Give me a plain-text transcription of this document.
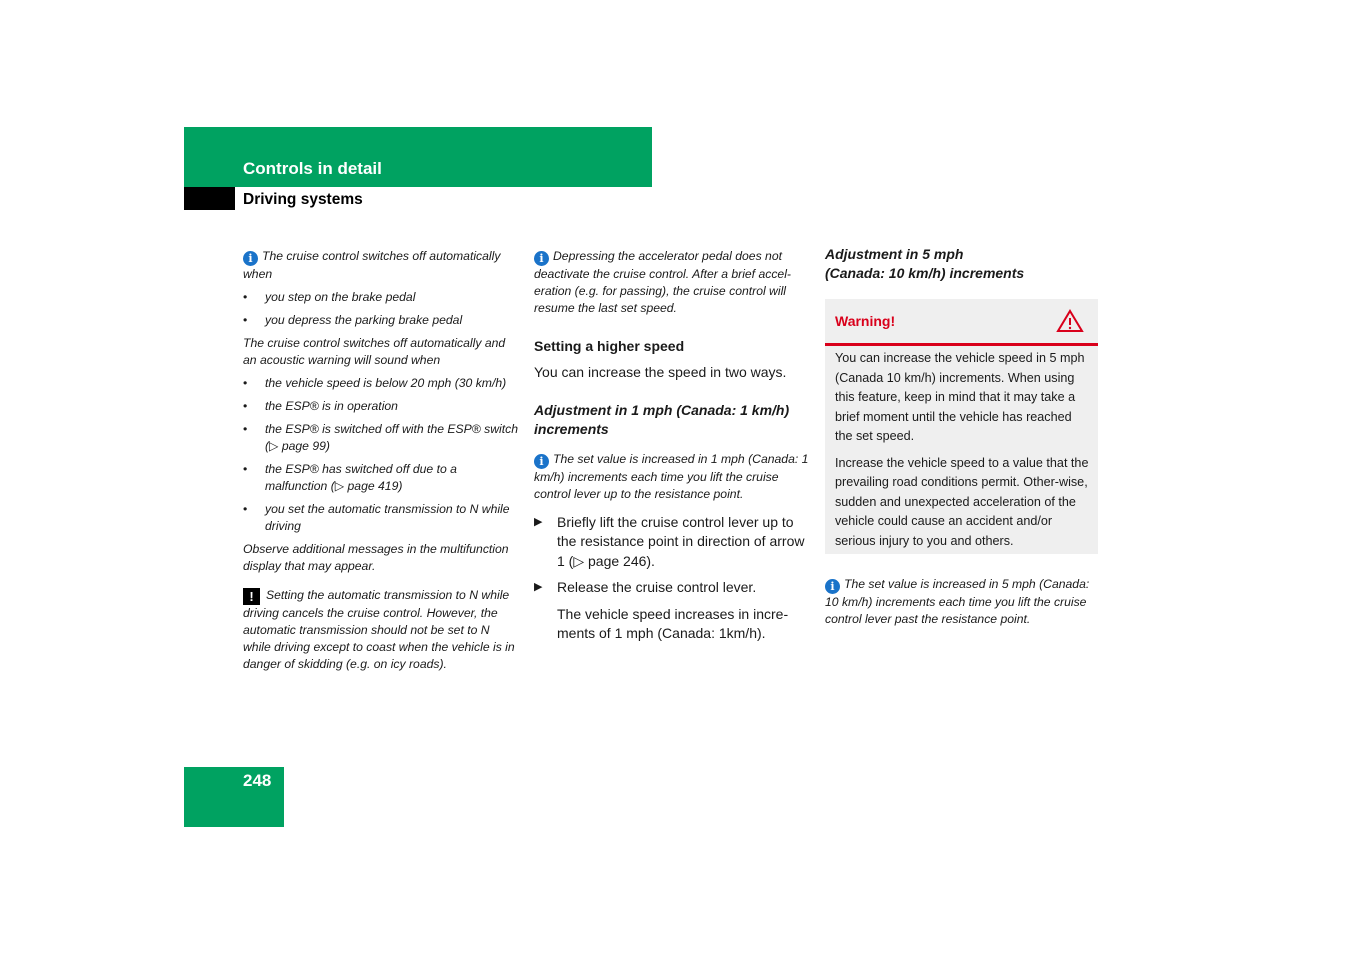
Controls in detail
Driving systems

i The cruise control switches off automatically when

• you step on the brake pedal
• you depress the parking brake pedal

The cruise control switches off automatically and an acoustic warning will sound when

• the vehicle speed is below 20 mph (30 km/h)
• the ESP® is in operation
• the ESP® is switched off with the ESP® switch (▷ page 99)
• the ESP® has switched off due to a malfunction (▷ page 419)
• you set the automatic transmission to N while driving

Observe additional messages in the multifunction display that may appear.

! Setting the automatic transmission to N while driving cancels the cruise control. However, the automatic transmission should not be set to N while driving except to coast when the vehicle is in danger of skidding (e.g. on icy roads).

i Depressing the accelerator pedal does not deactivate the cruise control. After a brief accel-eration (e.g. for passing), the cruise control will resume the last set speed.

Setting a higher speed

You can increase the speed in two ways.

Adjustment in 1 mph (Canada: 1 km/h) increments

i The set value is increased in 1 mph (Canada: 1 km/h) increments each time you lift the cruise control lever up to the resistance point.

▶ Briefly lift the cruise control lever up to the resistance point in direction of arrow 1 (▷ page 246).
▶ Release the cruise control lever.

The vehicle speed increases in incre-ments of 1 mph (Canada: 1km/h).

Adjustment in 5 mph

(Canada: 10 km/h) increments

Warning!

You can increase the vehicle speed in 5 mph (Canada 10 km/h) increments. When using this feature, keep in mind that it may take a brief moment until the vehicle has reached the set speed.

Increase the vehicle speed to a value that the prevailing road conditions permit. Other-wise, sudden and unexpected acceleration of the vehicle could cause an accident and/or serious injury to you and others.

i The set value is increased in 5 mph (Canada: 10 km/h) increments each time you lift the cruise control lever past the resistance point.

248
